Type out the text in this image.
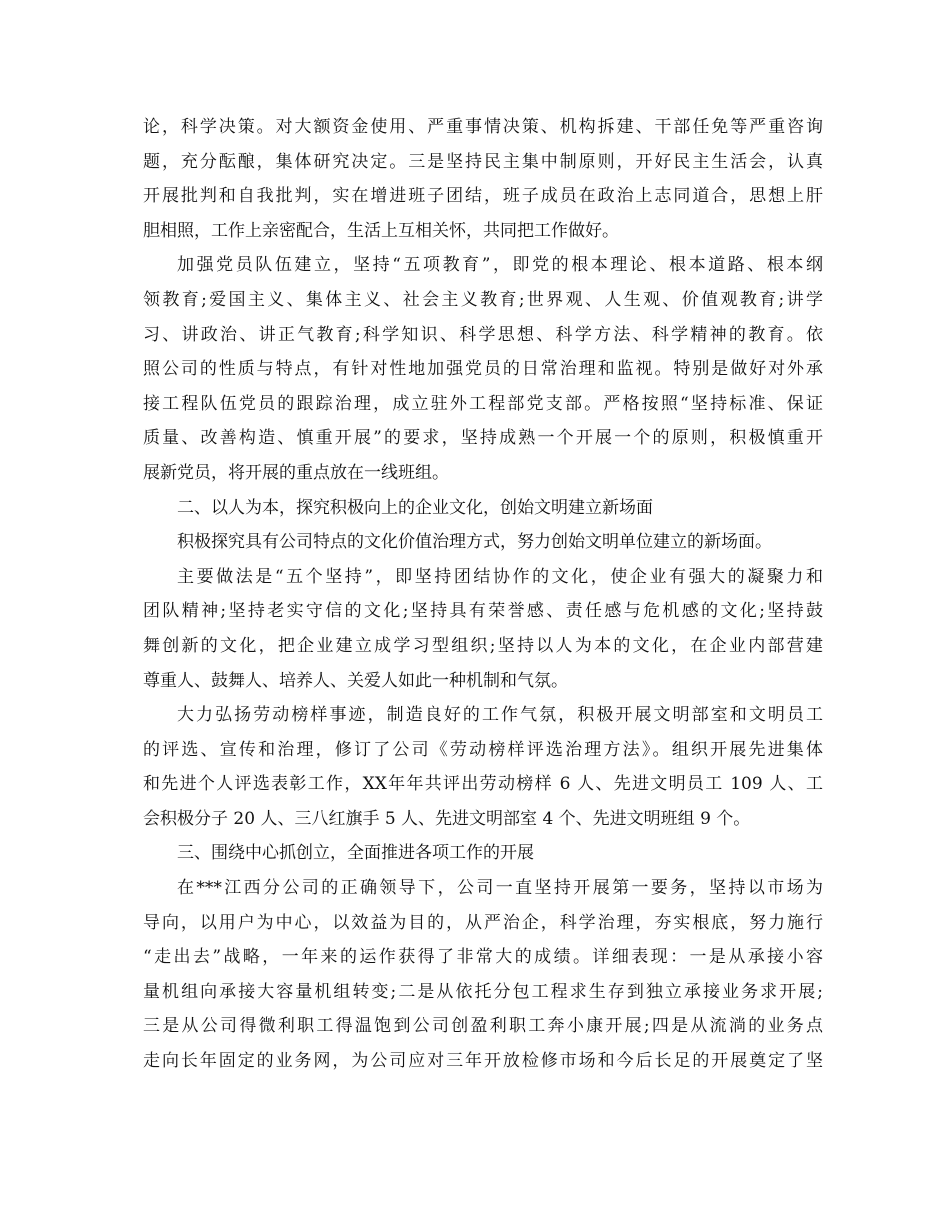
论，科学决策。对大额资金使用、严重事情决策、机构拆建、干部任免等严重咨询
题，充分酝酿，集体研究决定。三是坚持民主集中制原则，开好民主生活会，认真
开展批判和自我批判，实在增进班子团结，班子成员在政治上志同道合，思想上肝
胆相照，工作上亲密配合，生活上互相关怀，共同把工作做好。
加强党员队伍建立，坚持“五项教育”，即党的根本理论、根本道路、根本纲
领教育;爱国主义、集体主义、社会主义教育;世界观、人生观、价值观教育;讲学
习、讲政治、讲正气教育;科学知识、科学思想、科学方法、科学精神的教育。依
照公司的性质与特点，有针对性地加强党员的日常治理和监视。特别是做好对外承
接工程队伍党员的跟踪治理，成立驻外工程部党支部。严格按照“坚持标准、保证
质量、改善构造、慎重开展”的要求，坚持成熟一个开展一个的原则，积极慎重开
展新党员，将开展的重点放在一线班组。
二、以人为本，探究积极向上的企业文化，创始文明建立新场面
积极探究具有公司特点的文化价值治理方式，努力创始文明单位建立的新场面。
主要做法是“五个坚持”，即坚持团结协作的文化，使企业有强大的凝聚力和
团队精神;坚持老实守信的文化;坚持具有荣誉感、责任感与危机感的文化;坚持鼓
舞创新的文化，把企业建立成学习型组织;坚持以人为本的文化，在企业内部营建
尊重人、鼓舞人、培养人、关爱人如此一种机制和气氛。
大力弘扬劳动榜样事迹，制造良好的工作气氛，积极开展文明部室和文明员工
的评选、宣传和治理，修订了公司《劳动榜样评选治理方法》。组织开展先进集体
和先进个人评选表彰工作，XX年年共评出劳动榜样 6 人、先进文明员工 109 人、工
会积极分子 20 人、三八红旗手 5 人、先进文明部室 4 个、先进文明班组 9 个。
三、围绕中心抓创立，全面推进各项工作的开展
在***江西分公司的正确领导下，公司一直坚持开展第一要务，坚持以市场为
导向，以用户为中心，以效益为目的，从严治企，科学治理，夯实根底，努力施行
“走出去”战略，一年来的运作获得了非常大的成绩。详细表现：一是从承接小容
量机组向承接大容量机组转变;二是从依托分包工程求生存到独立承接业务求开展;
三是从公司得微利职工得温饱到公司创盈利职工奔小康开展;四是从流淌的业务点
走向长年固定的业务网，为公司应对三年开放检修市场和今后长足的开展奠定了坚
